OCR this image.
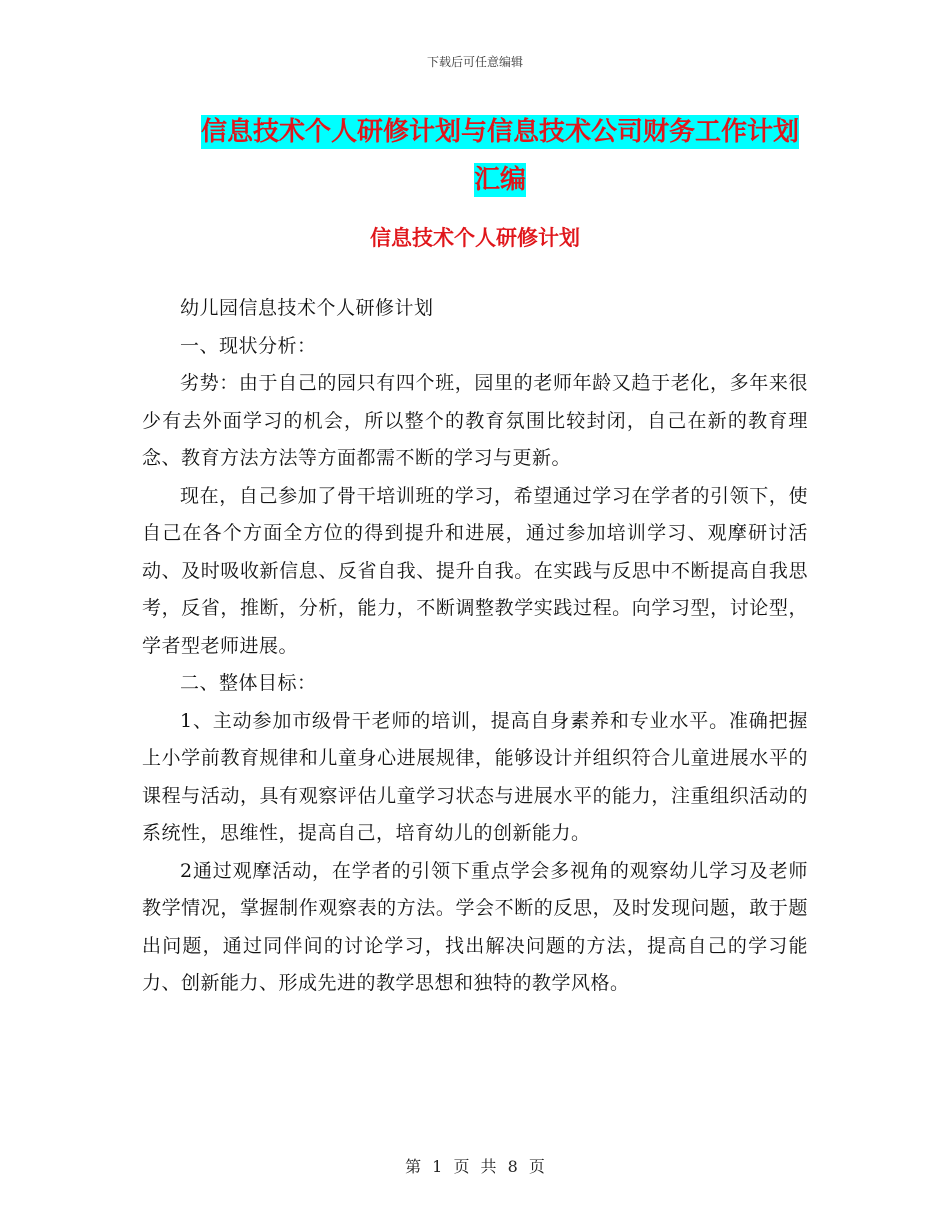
下载后可任意编辑
信息技术个人研修计划与信息技术公司财务工作计划
汇编
信息技术个人研修计划

幼儿园信息技术个人研修计划

一、现状分析：

劣势：由于自己的园只有四个班，园里的老师年龄又趋于老化，多年来很少有去外面学习的机会，所以整个的教育氛围比较封闭，自己在新的教育理念、教育方法方法等方面都需不断的学习与更新。

现在，自己参加了骨干培训班的学习，希望通过学习在学者的引领下，使自己在各个方面全方位的得到提升和进展，通过参加培训学习、观摩研讨活动、及时吸收新信息、反省自我、提升自我。在实践与反思中不断提高自我思考，反省，推断，分析，能力，不断调整教学实践过程。向学习型，讨论型，学者型老师进展。

二、整体目标：

1、主动参加市级骨干老师的培训，提高自身素养和专业水平。准确把握上小学前教育规律和儿童身心进展规律，能够设计并组织符合儿童进展水平的课程与活动，具有观察评估儿童学习状态与进展水平的能力，注重组织活动的系统性，思维性，提高自己，培育幼儿的创新能力。

2通过观摩活动，在学者的引领下重点学会多视角的观察幼儿学习及老师教学情况，掌握制作观察表的方法。学会不断的反思，及时发现问题，敢于题出问题，通过同伴间的讨论学习，找出解决问题的方法，提高自己的学习能力、创新能力、形成先进的教学思想和独特的教学风格。

第 1 页 共 8 页
